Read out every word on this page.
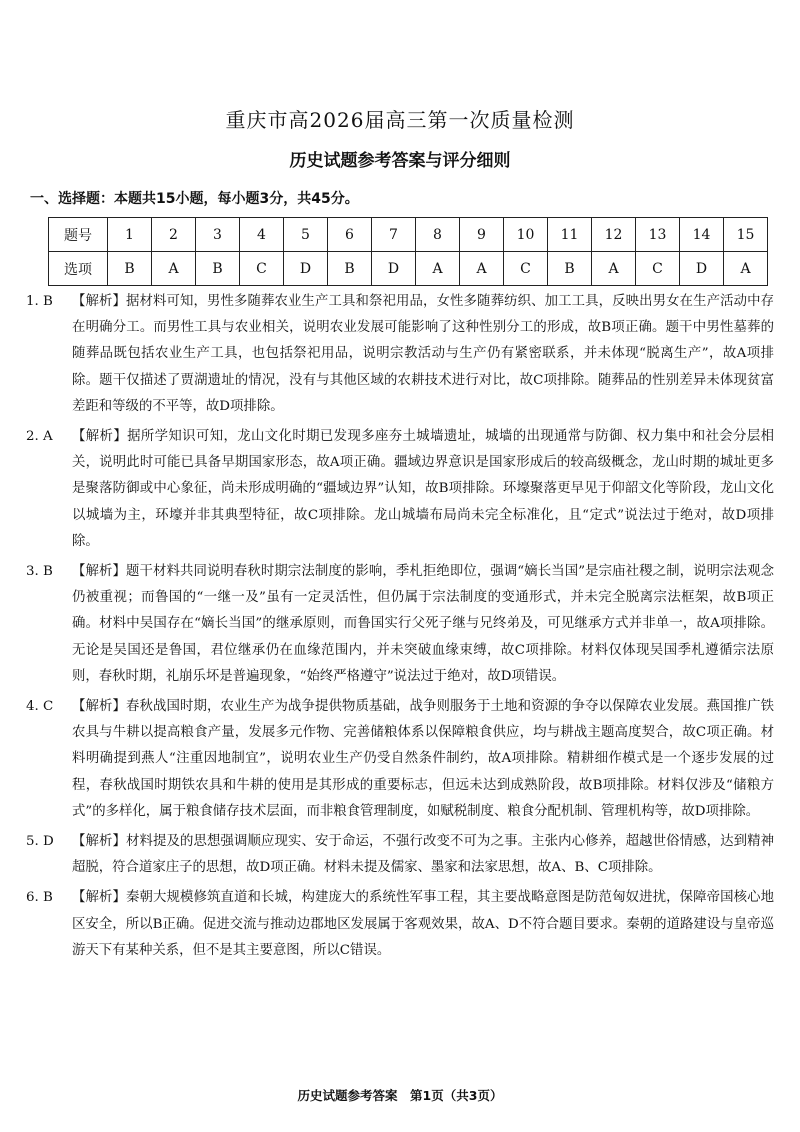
重庆市高2026届高三第一次质量检测
历史试题参考答案与评分细则
一、选择题：本题共15小题，每小题3分，共45分。
题号	1	2	3	4	5	6	7	8	9	10	11	12	13	14	15
选项	B	A	B	C	D	B	D	A	A	C	B	A	C	D	A
1. B	【解析】据材料可知，男性多随葬农业生产工具和祭祀用品，女性多随葬纺织、加工工具，反映出男女在生产活动中存在明确分工。而男性工具与农业相关，说明农业发展可能影响了这种性别分工的形成，故B项正确。题干中男性墓葬的随葬品既包括农业生产工具，也包括祭祀用品，说明宗教活动与生产仍有紧密联系，并未体现“脱离生产”，故A项排除。题干仅描述了贾湖遗址的情况，没有与其他区域的农耕技术进行对比，故C项排除。随葬品的性别差异未体现贫富差距和等级的不平等，故D项排除。
2. A	【解析】据所学知识可知，龙山文化时期已发现多座夯土城墙遗址，城墙的出现通常与防御、权力集中和社会分层相关，说明此时可能已具备早期国家形态，故A项正确。疆域边界意识是国家形成后的较高级概念，龙山时期的城址更多是聚落防御或中心象征，尚未形成明确的“疆域边界”认知，故B项排除。环壕聚落更早见于仰韶文化等阶段，龙山文化以城墙为主，环壕并非其典型特征，故C项排除。龙山城墙布局尚未完全标准化，且“定式”说法过于绝对，故D项排除。
3. B	【解析】题干材料共同说明春秋时期宗法制度的影响，季札拒绝即位，强调“嫡长当国”是宗庙社稷之制，说明宗法观念仍被重视；而鲁国的“一继一及”虽有一定灵活性，但仍属于宗法制度的变通形式，并未完全脱离宗法框架，故B项正确。材料中吴国存在“嫡长当国”的继承原则，而鲁国实行父死子继与兄终弟及，可见继承方式并非单一，故A项排除。无论是吴国还是鲁国，君位继承仍在血缘范围内，并未突破血缘束缚，故C项排除。材料仅体现吴国季札遵循宗法原则，春秋时期，礼崩乐坏是普遍现象，“始终严格遵守”说法过于绝对，故D项错误。
4. C	【解析】春秋战国时期，农业生产为战争提供物质基础，战争则服务于土地和资源的争夺以保障农业发展。燕国推广铁农具与牛耕以提高粮食产量，发展多元作物、完善储粮体系以保障粮食供应，均与耕战主题高度契合，故C项正确。材料明确提到燕人“注重因地制宜”，说明农业生产仍受自然条件制约，故A项排除。精耕细作模式是一个逐步发展的过程，春秋战国时期铁农具和牛耕的使用是其形成的重要标志，但远未达到成熟阶段，故B项排除。材料仅涉及“储粮方式”的多样化，属于粮食储存技术层面，而非粮食管理制度，如赋税制度、粮食分配机制、管理机构等，故D项排除。
5. D	【解析】材料提及的思想强调顺应现实、安于命运，不强行改变不可为之事。主张内心修养，超越世俗情感，达到精神超脱，符合道家庄子的思想，故D项正确。材料未提及儒家、墨家和法家思想，故A、B、C项排除。
6. B	【解析】秦朝大规模修筑直道和长城，构建庞大的系统性军事工程，其主要战略意图是防范匈奴进扰，保障帝国核心地区安全，所以B正确。促进交流与推动边郡地区发展属于客观效果，故A、D不符合题目要求。秦朝的道路建设与皇帝巡游天下有某种关系，但不是其主要意图，所以C错误。
历史试题参考答案　第1页（共3页）
